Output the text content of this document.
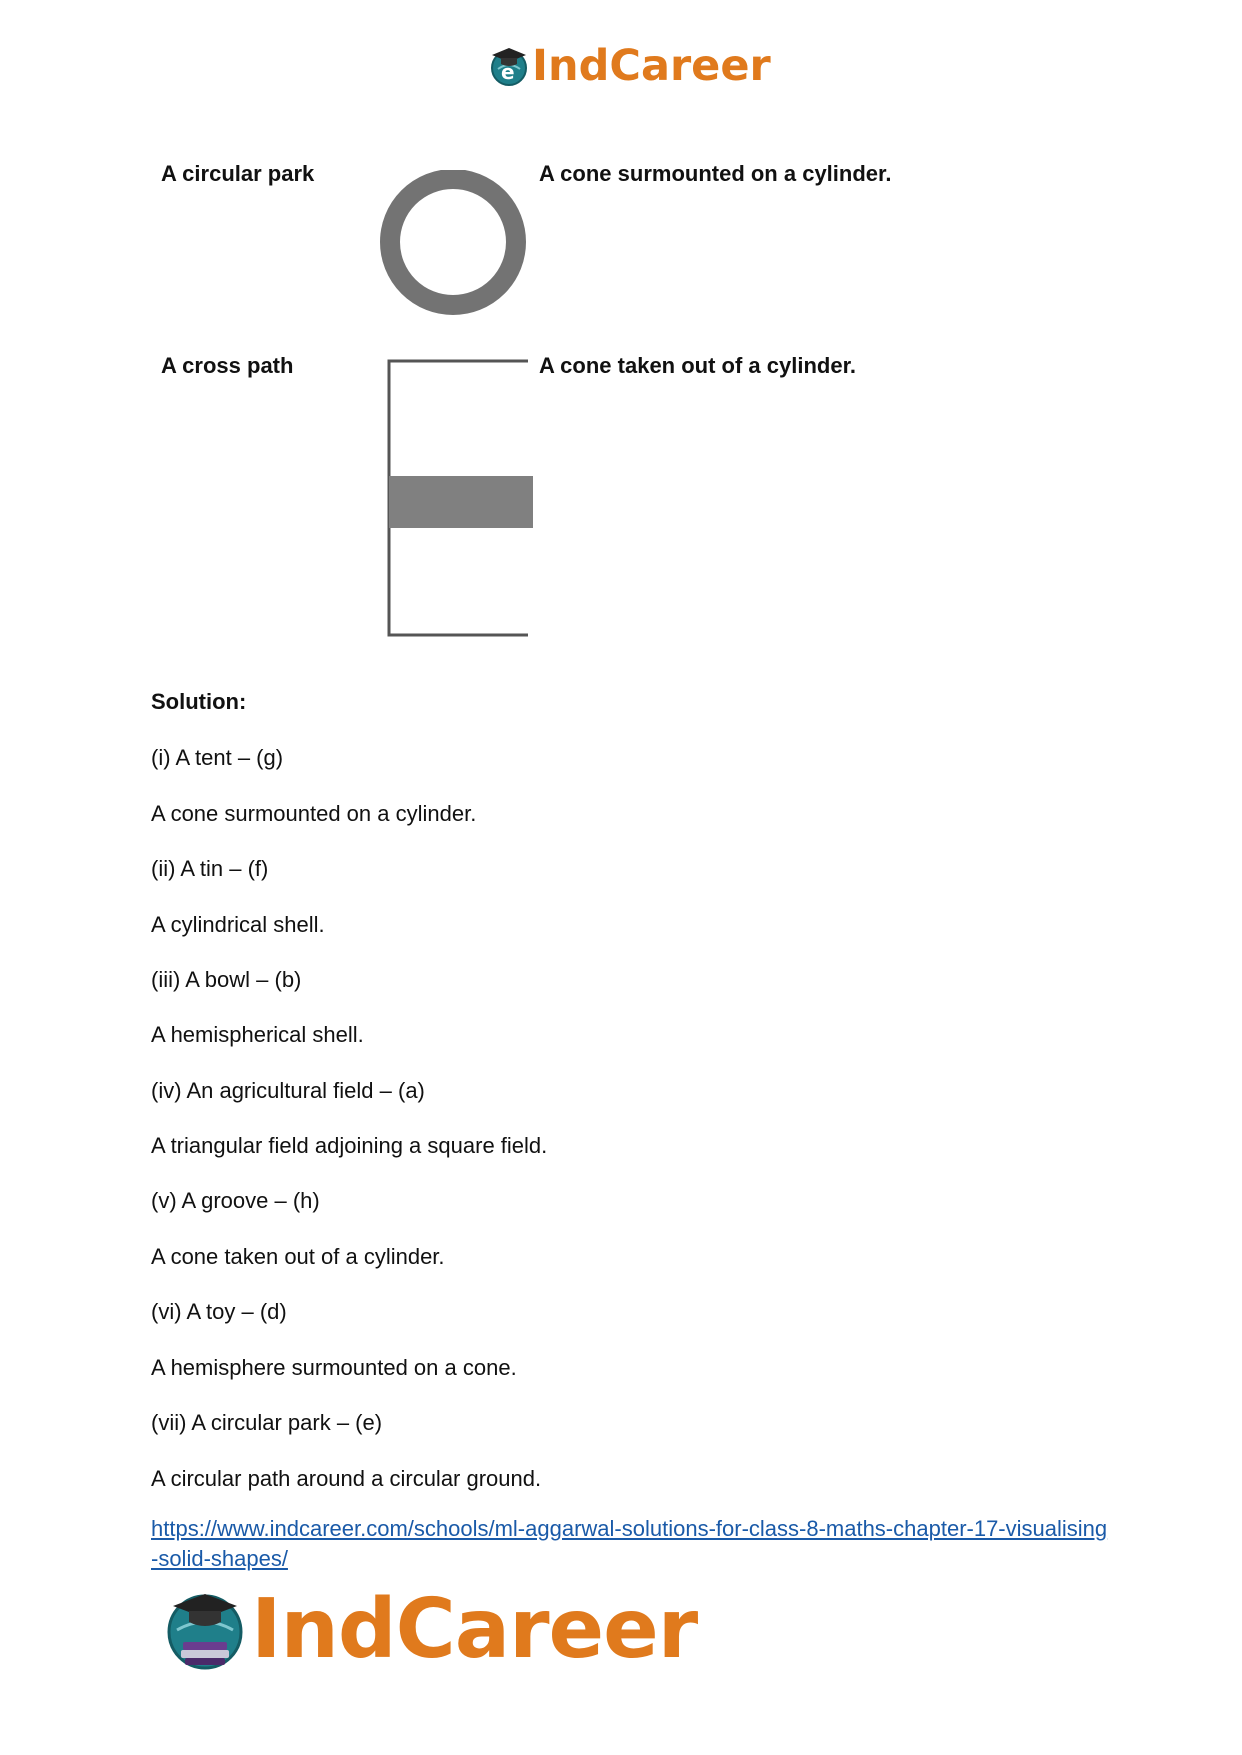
e IndCareer
A circular park	A cone surmounted on a cylinder.
A cross path	A cone taken out of a cylinder.
Solution:
(i) A tent – (g)
A cone surmounted on a cylinder.
(ii) A tin – (f)
A cylindrical shell.
(iii) A bowl – (b)
A hemispherical shell.
(iv) An agricultural field – (a)
A triangular field adjoining a square field.
(v) A groove – (h)
A cone taken out of a cylinder.
(vi) A toy – (d)
A hemisphere surmounted on a cone.
(vii) A circular park – (e)
A circular path around a circular ground.
https://www.indcareer.com/schools/ml-aggarwal-solutions-for-class-8-maths-chapter-17-visualising-solid-shapes/
IndCareer
